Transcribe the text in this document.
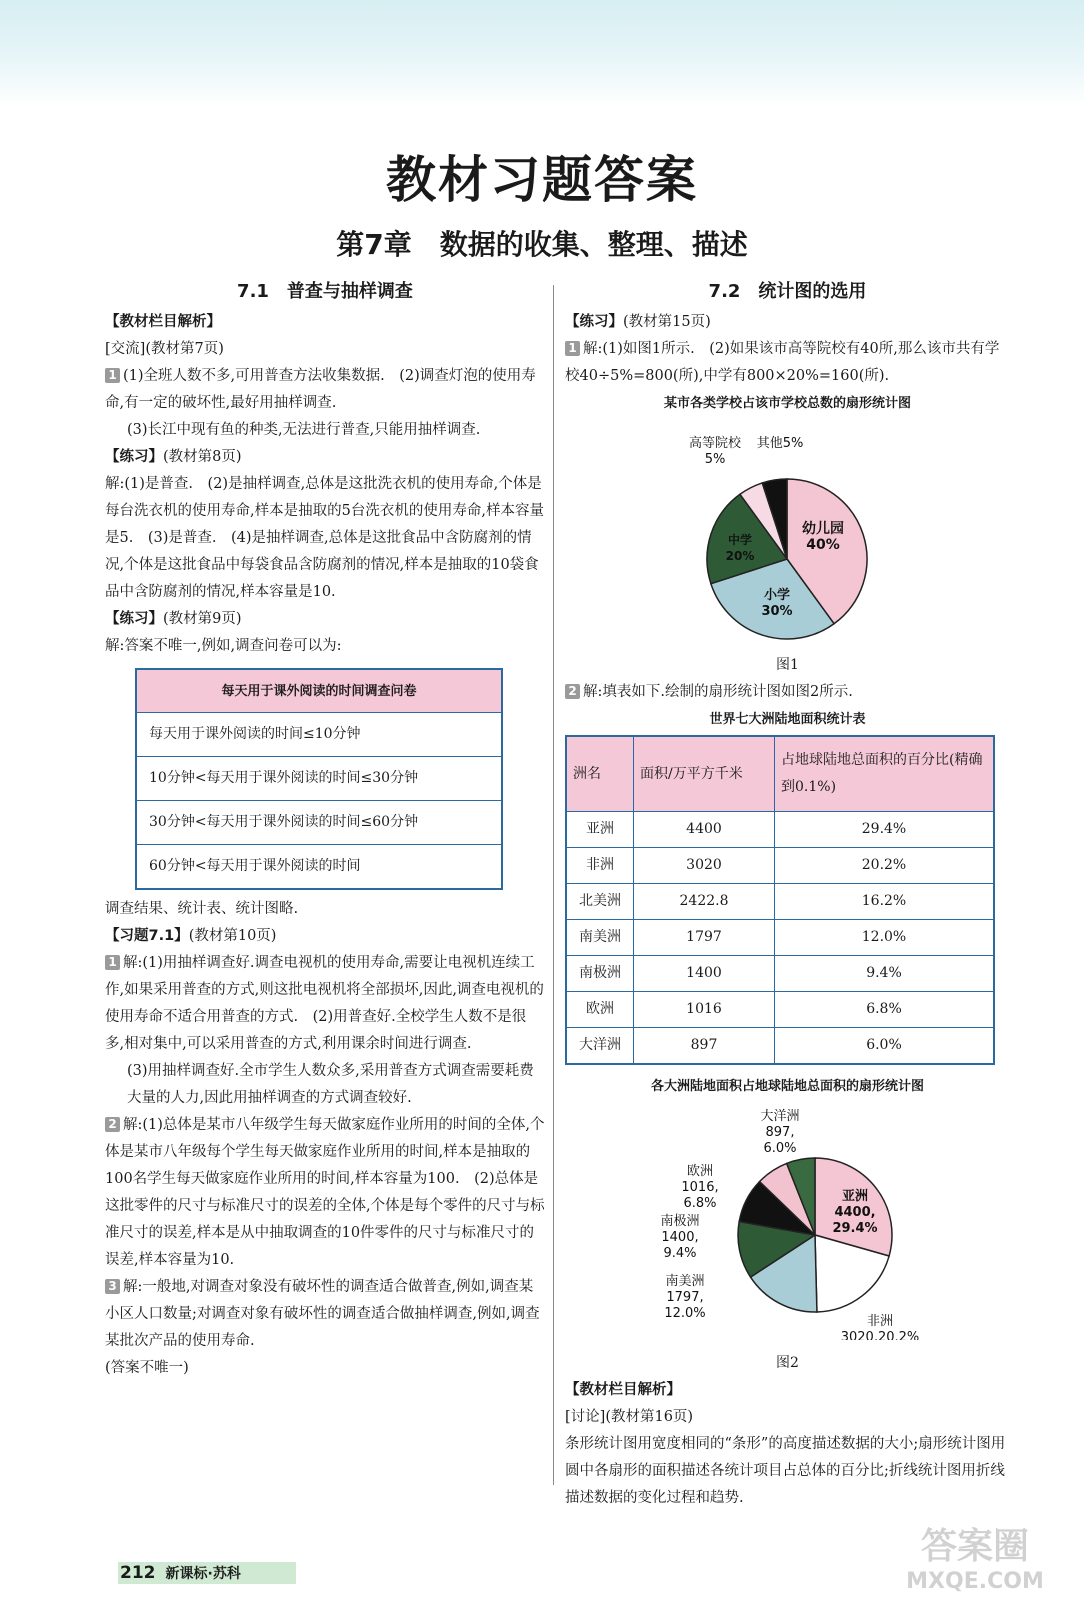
教材习题答案
第7章　数据的收集、整理、描述
7.1　普查与抽样调查

【教材栏目解析】

[交流](教材第7页)

1 (1)全班人数不多,可用普查方法收集数据.　(2)调查灯泡的使用寿命,有一定的破坏性,最好用抽样调查.

(3)长江中现有鱼的种类,无法进行普查,只能用抽样调查.

【练习】(教材第8页)

解:(1)是普查.　(2)是抽样调查,总体是这批洗衣机的使用寿命,个体是每台洗衣机的使用寿命,样本是抽取的5台洗衣机的使用寿命,样本容量是5.　(3)是普查.　(4)是抽样调查,总体是这批食品中含防腐剂的情况,个体是这批食品中每袋食品含防腐剂的情况,样本是抽取的10袋食品中含防腐剂的情况,样本容量是10.

【练习】(教材第9页)

解:答案不唯一,例如,调查问卷可以为:

每天用于课外阅读的时间调查问卷
每天用于课外阅读的时间≤10分钟
10分钟<每天用于课外阅读的时间≤30分钟
30分钟<每天用于课外阅读的时间≤60分钟
60分钟<每天用于课外阅读的时间

调查结果、统计表、统计图略.

【习题7.1】(教材第10页)

1 解:(1)用抽样调查好.调查电视机的使用寿命,需要让电视机连续工作,如果采用普查的方式,则这批电视机将全部损坏,因此,调查电视机的使用寿命不适合用普查的方式.　(2)用普查好.全校学生人数不是很多,相对集中,可以采用普查的方式,利用课余时间进行调查.

(3)用抽样调查好.全市学生人数众多,采用普查方式调查需要耗费大量的人力,因此用抽样调查的方式调查较好.

2 解:(1)总体是某市八年级学生每天做家庭作业所用的时间的全体,个体是某市八年级每个学生每天做家庭作业所用的时间,样本是抽取的100名学生每天做家庭作业所用的时间,样本容量为100.　(2)总体是这批零件的尺寸与标准尺寸的误差的全体,个体是每个零件的尺寸与标准尺寸的误差,样本是从中抽取调查的10件零件的尺寸与标准尺寸的误差,样本容量为10.

3 解:一般地,对调查对象没有破坏性的调查适合做普查,例如,调查某小区人口数量;对调查对象有破坏性的调查适合做抽样调查,例如,调查某批次产品的使用寿命.

(答案不唯一)

7.2　统计图的选用

【练习】(教材第15页)

1 解:(1)如图1所示.　(2)如果该市高等院校有40所,那么该市共有学校40÷5%=800(所),中学有800×20%=160(所).

某市各类学校占该市学校总数的扇形统计图
幼儿园 40%
小学 30%
中学 20%
高等院校 5%
其他5%
图1

2 解:填表如下.绘制的扇形统计图如图2所示.

世界七大洲陆地面积统计表
洲名	面积/万平方千米	占地球陆地总面积的百分比(精确到0.1%)
亚洲	4400	29.4%
非洲	3020	20.2%
北美洲	2422.8	16.2%
南美洲	1797	12.0%
南极洲	1400	9.4%
欧洲	1016	6.8%
大洋洲	897	6.0%
各大洲陆地面积占地球陆地总面积的扇形统计图
亚洲 4400, 29.4%
非洲 3020,20.2%
南美洲 1797, 12.0%
南极洲 1400, 9.4%
欧洲 1016, 6.8%
大洋洲 897, 6.0%
图2

【教材栏目解析】

[讨论](教材第16页)

条形统计图用宽度相同的“条形”的高度描述数据的大小;扇形统计图用圆中各扇形的面积描述各统计项目占总体的百分比;折线统计图用折线描述数据的变化过程和趋势.

212 新课标·苏科
答案圈
MXQE.COM
